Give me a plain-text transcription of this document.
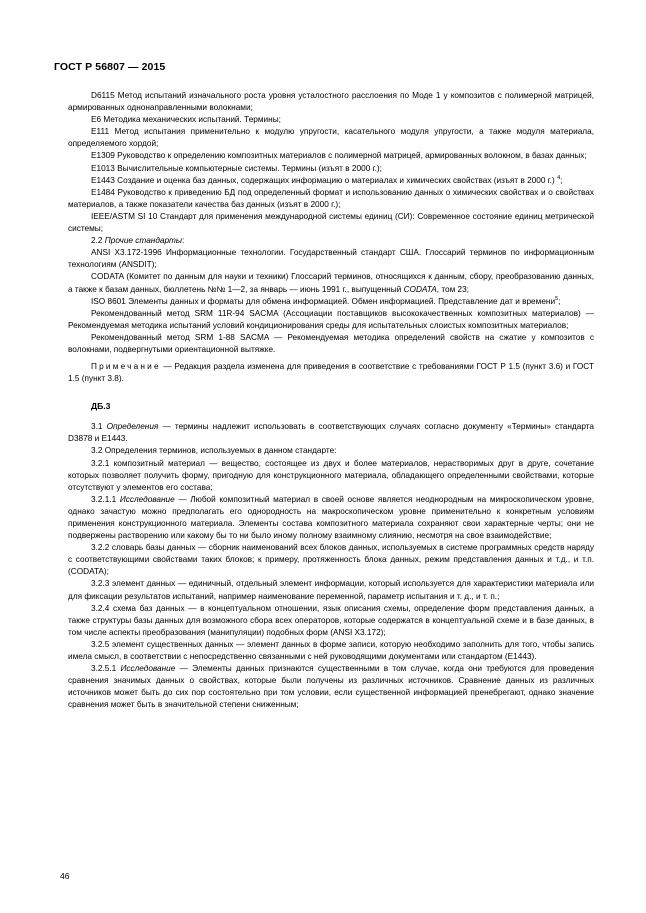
ГОСТ Р 56807 — 2015

D6115 Метод испытаний изначального роста уровня усталостного расслоения по Моде 1 у композитов с полимерной матрицей, армированных однонаправленными волокнами;

E6 Методика механических испытаний. Термины;

E111 Метод испытания применительно к модулю упругости, касательного модуля упругости, а также модуля материала, определяемого хордой;

E1309 Руководство к определению композитных материалов с полимерной матрицей, армированных волокном, в базах данных;

E1013 Вычислительные компьютерные системы. Термины (изъят в 2000 г.);

E1443 Создание и оценка баз данных, содержащих информацию о материалах и химических свойствах (изъят в 2000 г.) $^4$;

E1484 Руководство к приведению БД под определенный формат и использованию данных о химических свойствах и о свойствах материалов, а также показатели качества баз данных (изъят в 2000 г.);

IEEE/ASTM SI 10 Стандарт для применения международной системы единиц (СИ): Современное состояние единиц метрической системы;

2.2 Прочие стандарты:

ANSI X3.172-1996 Информационные технологии. Государственный стандарт США. Глоссарий терминов по информационным технологиям (ANSDIT);

CODATA (Комитет по данным для науки и техники) Глоссарий терминов, относящихся к данным, сбору, преобразованию данных, а также к базам данных, бюллетень №№ 1—2, за январь — июнь 1991 г., выпущенный CODATA, том 23;

ISO 8601 Элементы данных и форматы для обмена информацией. Обмен информацией. Представление дат и времени$^5$;

Рекомендованный метод SRM 11R-94 SACMA (Ассоциации поставщиков высококачественных композитных материалов) — Рекомендуемая методика испытаний условий кондиционирования среды для испытательных слоистых композитных материалов;

Рекомендованный метод SRM 1-88 SACMA — Рекомендуемая методика определений свойств на сжатие у композитов с волокнами, подвергнутыми ориентационной вытяжке.

Примечание — Редакция раздела изменена для приведения в соответствие с требованиями ГОСТ Р 1.5 (пункт 3.6) и ГОСТ 1.5 (пункт 3.8).

ДБ.3

3.1 Определения — термины надлежит использовать в соответствующих случаях согласно документу «Термины» стандарта D3878 и E1443.

3.2 Определения терминов, используемых в данном стандарте:

3.2.1 композитный материал — вещество, состоящее из двух и более материалов, нерастворимых друг в друге, сочетание которых позволяет получить форму, пригодную для конструкционного материала, обладающего определенными свойствами, которые отсутствуют у элементов его состава;

3.2.1.1 Исследование — Любой композитный материал в своей основе является неоднородным на микроскопическом уровне, однако зачастую можно предполагать его однородность на макроскопическом уровне применительно к конкретным условиям применения конструкционного материала. Элементы состава композитного материала сохраняют свои характерные черты; они не подвержены растворению или какому бы то ни было иному полному взаимному слиянию, несмотря на свое взаимодействие;

3.2.2 словарь базы данных — сборник наименований всех блоков данных, используемых в системе программных средств наряду с соответствующими свойствами таких блоков; к примеру, протяженность блока данных, режим представления данных и т.д., и т.п. (CODATA);

3.2.3 элемент данных — единичный, отдельный элемент информации, который используется для характеристики материала или для фиксации результатов испытаний, например наименование переменной, параметр испытания и т. д., и т. п.;

3.2.4 схема баз данных — в концептуальном отношении, язык описания схемы, определение форм представления данных, а также структуры базы данных для возможного сбора всех операторов, которые содержатся в концептуальной схеме и в базе данных, в том числе аспекты преобразования (манипуляции) подобных форм (ANSI X3.172);

3.2.5 элемент существенных данных — элемент данных в форме записи, которую необходимо заполнить для того, чтобы запись имела смысл, в соответствии с непосредственно связанными с ней руководящими документами или стандартом (E1443).

3.2.5.1 Исследование — Элементы данных признаются существенными в том случае, когда они требуются для проведения сравнения значимых данных о свойствах, которые были получены из различных источников. Сравнение данных из различных источников может быть до сих пор состоятельно при том условии, если существенной информацией пренебрегают, однако значение сравнения может быть в значительной степени сниженным;

46
